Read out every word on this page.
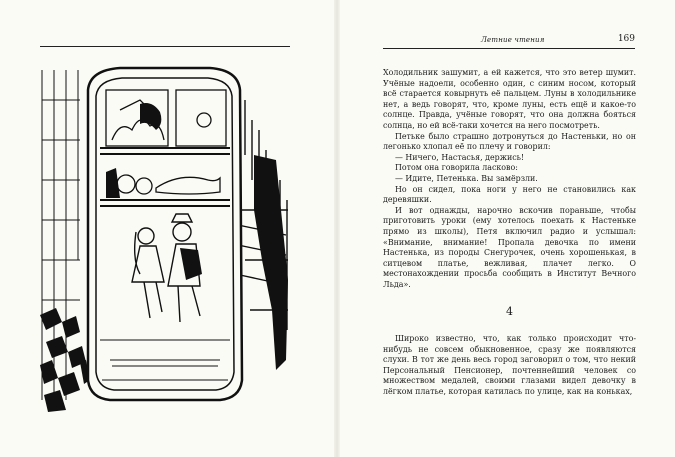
Летние чтения	169

Холодильник зашумит, а ей кажется, что это ветер шумит. Учёные надоели, особенно один, с синим носом, который всё старается ковырнуть её пальцем. Луны в холодильнике нет, а ведь говорят, что, кроме луны, есть ещё и какое-то солнце. Правда, учёные говорят, что она должна бояться солнца, но ей всё-таки хочется на него посмотреть.

Петьке было страшно дотронуться до Настеньки, но он легонько хлопал её по плечу и говорил:

— Ничего, Настасья, держись!

Потом она говорила ласково:

— Идите, Петенька. Вы замёрзли.

Но он сидел, пока ноги у него не становились как деревяшки.

И вот однажды, нарочно вскочив пораньше, чтобы приготовить уроки (ему хотелось поехать к Настеньке прямо из школы), Петя включил радио и услышал: «Внимание, внимание! Пропала девочка по имени Настенька, из породы Снегурочек, очень хорошенькая, в ситцевом платье, вежливая, плачет легко. О местонахождении просьба сообщить в Институт Вечного Льда».

4

Широко известно, что, как только происходит что-нибудь не совсем обыкновенное, сразу же появляются слухи. В тот же день весь город заговорил о том, что некий Персональный Пенсионер, почтеннейший человек со множеством медалей, своими глазами видел девочку в лёгком платье, которая катилась по улице, как на коньках,
